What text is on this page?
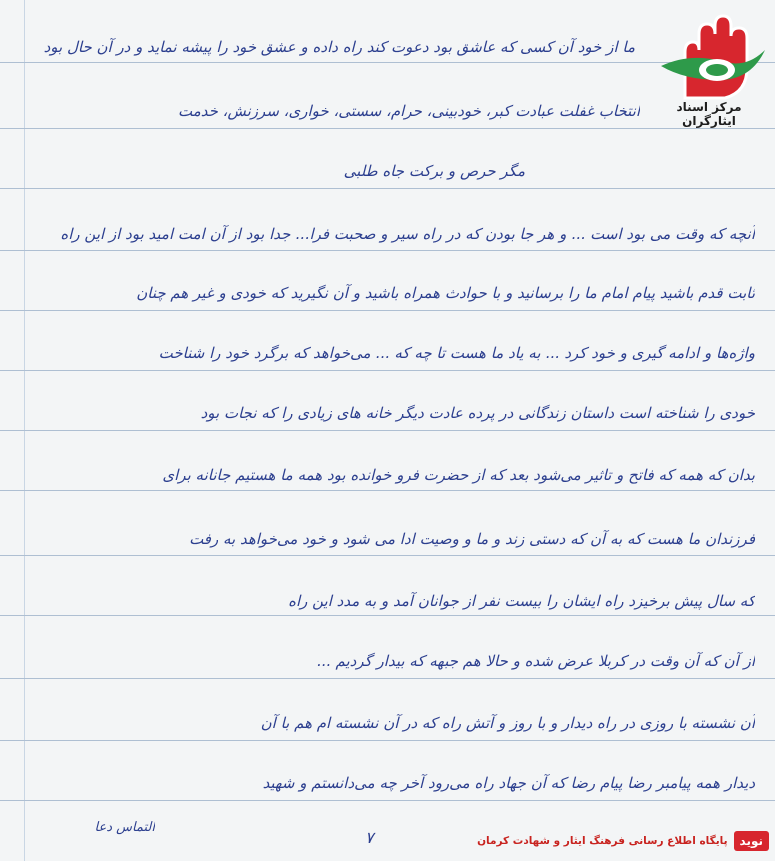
ما از خود آن کسی که عاشق بود دعوت کند راه داده و عشق خود را پیشه نماید و در آن حال بود
انتخاب غفلت عبادت کبر، خودبینی، حرام، سستی، خواری، سرزنش، خدمت
مگر حرص و برکت جاه طلبی
آنچه که وقت می بود است ... و هر جا بودن که در راه سیر و صحبت فرا... جدا بود از آن امت امید بود از این راه
ثابت قدم باشید پیام امام ما را برسانید و با حوادث همراه باشید و آن نگیرید که خودی و غیر هم چنان
واژه‌ها و ادامه گیری و خود کرد ... به یاد ما هست تا چه که ... می‌خواهد که برگرد خود را شناخت
خودی را شناخته است داستان زندگانی در پرده عادت دیگر خانه های زیادی را که نجات بود
بدان که همه که فاتح و تاثیر می‌شود بعد که از حضرت فرو خوانده بود همه ما هستیم جانانه برای
فرزندان ما هست که به آن که دستی زند و ما و وصیت ادا می شود و خود می‌خواهد به رفت
که سال پیش برخیزد راه ایشان را بیست نفر از جوانان آمد و به مدد این راه
از آن که آن وقت در کربلا عرض شده و حالا هم جبهه که بیدار گردیم ...
آن نشسته با روزی در راه دیدار و با روز و آتش راه که در آن نشسته ام هم با آن
دیدار همه پیامبر رضا پیام رضا که آن جهاد راه می‌رود آخر چه می‌دانستم و شهید
التماس دعا
۷
مرکز اسناد ایثارگران
نوید
پایگاه اطلاع رسانی فرهنگ ایثار و شهادت کرمان
